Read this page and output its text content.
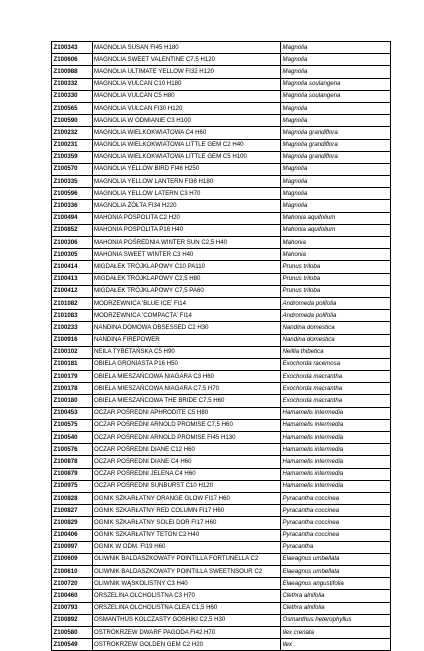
Z100343	MAGNOLIA SUSAN FI45 H180	Magnolia
Z100606	MAGNOLIA SWEET VALENTINE C7,5 H120	Magnolia
Z100988	MAGNOLIA ULTIMATE YELLOW FI32 H120	Magnolia
Z100332	MAGNOLIA VULCAN C10 H180	Magnolia soulangena
Z100330	MAGNOLIA VULCAN C5 H80	Magnolia soulangena
Z100565	MAGNOLIA VULCAN FI30 H120	Magnolia
Z100590	MAGNOLIA W ODMIANIE C3 H100	Magnolia
Z100232	MAGNOLIA WIELKOKWIATOWA C4 H60	Magnolia grandiflora
Z100231	MAGNOLIA WIELKOKWIATOWA LITTLE GEM C2 H40	Magnolia grandiflora
Z100359	MAGNOLIA WIELKOKWIATOWA LITTLE GEM C5 H100	Magnolia grandiflora
Z100570	MAGNOLIA YELLOW BIRD FI46 H250	Magnolia
Z100335	MAGNOLIA YELLOW LANTERN FI36 H180	Magnolia
Z100596	MAGNOLIA YELLOW LATERN C3 H70	Magnolia
Z100336	MAGNOLIA ŻÓŁTA FI34 H220	Magnolia
Z100494	MAHONIA POSPOLITA C2 H20	Mahonia aquifolium
Z100852	MAHONIA POSPOLITA P16 H40	Mahonia aquifolium
Z100306	MAHONIA POŚREDNIA WINTER SUN C2,5 H40	Mahonia
Z100305	MAHONIA SWEET WINTER C3 H40	Mahonia
Z100414	MIGDAŁEK TRÓJKLAPOWY C10 PA110	Prunus triloba
Z100413	MIGDAŁEK TRÓJKLAPOWY C2,5 H80	Prunus triloba
Z100412	MIGDAŁEK TRÓJKLAPOWY C7,5 PA60	Prunus triloba
Z101082	MODRZEWNICA 'BLUE ICE' FI14	Andromeda polifolia
Z101083	MODRZEWNICA 'COMPACTA' FI14	Andromeda polifolia
Z100233	NANDINA DOMOWA OBSESSED C2 H30	Nandina domestica
Z100916	NANDINA FIREPOWER	Nandina domestica
Z100102	NEILA TYBETAŃSKA C5 H90	Neillia thibetica
Z100181	OBIELA GRONIASTA P16 H50	Exochorda racemosa
Z100179	OBIELA MIESZAŃCOWA NIAGARA C3 H60	Exochorda macrantha
Z100178	OBIELA MIESZAŃCOWA NIAGARA C7,5 H70	Exochorda macrantha
Z100180	OBIELA MIESZAŃCOWA THE BRIDE C7,5 H60	Exochorda macrantha
Z100453	OCZAR POŚREDNI APHRODITE C5 H80	Hamamelis intermedia
Z100575	OCZAR POŚREDNI ARNOLD PROMISE C7,5 H60	Hamamelis intermedia
Z100540	OCZAR POŚREDNI ARNOLD PROMISE FI45 H130	Hamamelis intermedia
Z100576	OCZAR POŚREDNI DIANE C12 H60	Hamamelis intermedia
Z100878	OCZAR POŚREDNI DIANE C4 H60	Hamamelis intermedia
Z100879	OCZAR POŚREDNI JELENA C4 H60	Hamamelis intermedia
Z100975	OCZAR POŚREDNI SUNBURST C10 H120	Hamamelis intermedia
Z100828	OGNIK SZKARŁATNY ORANGE GLOW FI17 H60	Pyracantha coccinea
Z100827	OGNIK SZKARŁATNY RED COLUMN FI17 H60	Pyracantha coccinea
Z100829	OGNIK SZKARŁATNY SOLEI DOR FI17 H60	Pyracantha coccinea
Z100406	OGNIK SZKARŁATNY TETON C2 H40	Pyracantha coccinea
Z100997	OGNIK W ODM. FI19 H60	Pyracantha
Z100609	OLIWNIK BALDASZKOWATY POINTILLA FORTUNELLA C2	Elaeagnus umbellata
Z100610	OLIWNIK BALDASZKOWATY POINTILLA SWEETNSOUR C2	Elaeagnus umbellata
Z100720	OLIWNIK WĄSKOLISTNY C3 H40	Elaeagnus angustifolia
Z100460	ORSZELINA OLCHOLISTNA C3 H70	Clethra alnifolia
Z100793	ORSZELINA OLCHOLISTNA CLEA C1,5 H60	Clethra alnifolia
Z100892	OSMANTHUS KOLCZASTY GOSHIKI C2,5 H30	Osmanthus heterophyllus
Z100580	OSTROKRZEW DWARF PAGODA FI42 H70	Ilex crenata
Z100549	OSTROKRZEW GOLDEN GEM C2 H20	Ilex
